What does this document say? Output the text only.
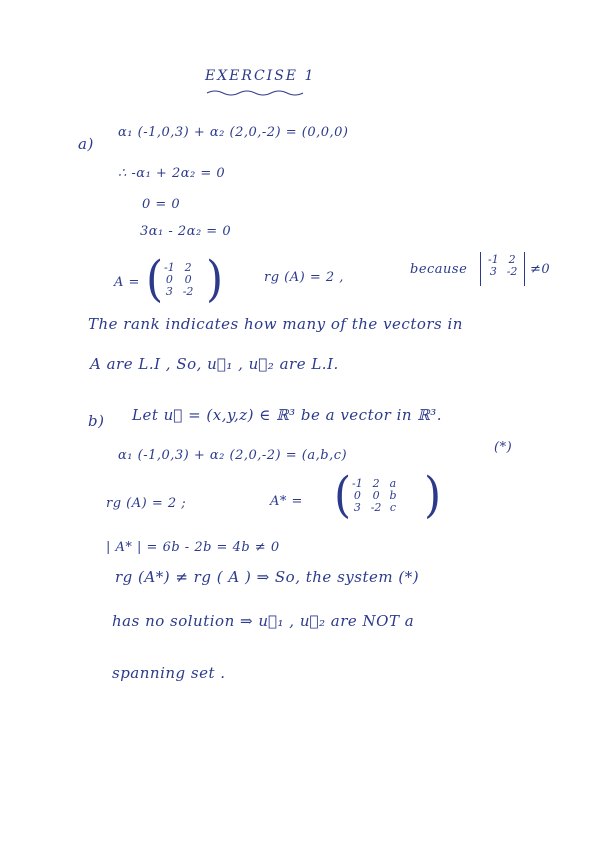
EXERCISE 1
a)
α₁ (-1,0,3) + α₂ (2,0,-2) = (0,0,0)
∴ -α₁ + 2α₂ = 0
0 = 0
3α₁ - 2α₂ = 0
A = ( -1	2
0	0
3	-2 )	rg (A) = 2 ,
because
-1	2
3	-2 ≠0
The rank indicates how many of the vectors in
A are L.I , So, u⃗₁ , u⃗₂ are L.I.
b) Let u⃗ = (x,y,z) ∈ ℝ³ be a vector in ℝ³.
α₁ (-1,0,3) + α₂ (2,0,-2) = (a,b,c)
(*)
rg (A) = 2 ;	A* = ( -1	2	a
0	0	b
3	-2	c )
| A* | = 6b - 2b = 4b ≠ 0
rg (A*) ≠ rg ( A ) ⇒ So, the system (*)
has no solution ⇒ u⃗₁ , u⃗₂ are NOT a
spanning set .
